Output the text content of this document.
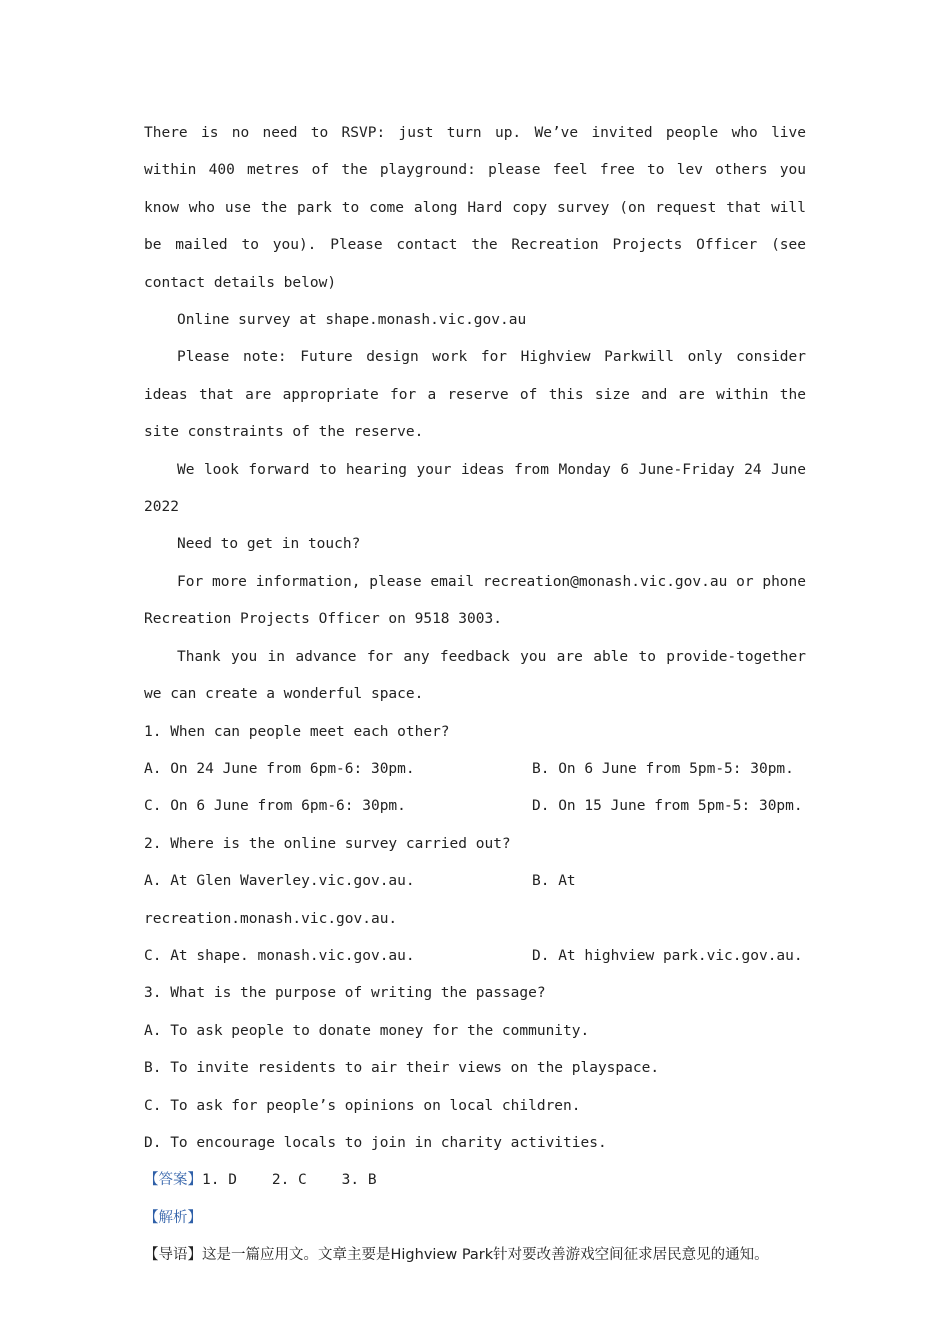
There is no need to RSVP: just turn up. We’ve invited people who live within 400 metres of the playground: please feel free to lev others you know who use the park to come along Hard copy survey (on request that will be mailed to you). Please contact the Recreation Projects Officer (see contact details below)

Online survey at shape.monash.vic.gov.au

Please note: Future design work for Highview Parkwill only consider ideas that are appropriate for a reserve of this size and are within the site constraints of the reserve.

We look forward to hearing your ideas from Monday 6 June-Friday 24 June 2022

Need to get in touch?

For more information, please email recreation@monash.vic.gov.au or phone Recreation Projects Officer on 9518 3003.

Thank you in advance for any feedback you are able to provide-together we can create a wonderful space.

1. When can people meet each other?

A. On 24 June from 6pm-6: 30pm.	B. On 6 June from 5pm-5: 30pm.
C. On 6 June from 6pm-6: 30pm.	D. On 15 June from 5pm-5: 30pm.

2. Where is the online survey carried out?

A. At Glen Waverley.vic.gov.au.	B. At

recreation.monash.vic.gov.au.

C. At shape. monash.vic.gov.au.	D. At highview park.vic.gov.au.

3. What is the purpose of writing the passage?

A. To ask people to donate money for the community.

B. To invite residents to air their views on the playspace.

C. To ask for people’s opinions on local children.

D. To encourage locals to join in charity activities.

【答案】1. D    2. C    3. B

【解析】

【导语】这是一篇应用文。文章主要是Highview Park针对要改善游戏空间征求居民意见的通知。
